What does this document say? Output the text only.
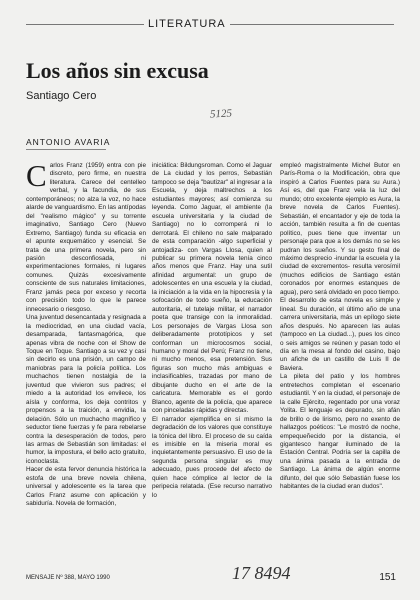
LITERATURA
Los años sin excusa
Santiago Cero
5125
ANTONIO AVARIA
C arlos Franz (1959) entra con pie discreto, pero firme, en nuestra literatura. Carece del centelleo verbal, y la facundia, de sus contemporáneos; no alza la voz, no hace alarde de vanguardismo. En las antípodas del "realismo mágico" y su torrente imaginativo, Santiago Cero (Nuevo Extremo, Santiago) funda su eficacia en el apunte exquemático y esencial. Se trata de una primera novela, pero sin pasión desconfiosada, ni experimentaciones formales, ni lugares comunes. Quizás excesivamente consciente de sus naturales limitaciones, Franz jamás peca por exceso y recorta con precisión todo lo que le parece innecesario o riesgoso.

Una juventud desencantada y resignada a la mediocridad, en una ciudad vacía, desamparada, fantasmagórica, que apenas vibra de noche con el Show de Toque en Toque. Santiago a su vez y casi sin decirlo es una prisión, un campo de maniobras para la policía política. Los muchachos tienen nostalgia de la juventud que vivieron sus padres; el miedo a la autoridad los envilece, los aísla y conforma, los deja contritos y propensos a la traición, a envidia, la delación. Sólo un muchacho magnífico y seductor tiene fuerzas y fe para rebelarse contra la desesperación de todos, pero las armas de Sebastián son limitadas: el humor, la impostura, el bello acto gratuito, iconoclasta.

Hacer de esta fervor denuncia histórica la estofa de una breve novela chilena, universal y adolescente es la tarea que Carlos Franz asume con aplicación y sabiduría. Novela de formación,

iniciática: Bildungsroman. Como el Jaguar de La ciudad y los perros, Sebastián tampoco se deja "bautizar" al ingresar a la Escuela, y deja maltrechos a los estudiantes mayores; así comienza su leyenda. Como Jaguar, el ambiente (la escuela universitaria y la ciudad de Santiago) no lo corromperá ni lo derrotará. El chileno no sale malparado de esta comparación -algo superficial y antojadiza- con Vargas Llosa, quien al publicar su primera novela tenía cinco años menos que Franz. Hay una sutil afinidad argumental: un grupo de adolescentes en una escuela y la ciudad, la iniciación a la vida en la hipocresía y la sofocación de todo sueño, la educación autoritaria, el tutelaje militar, el narrador poeta que transige con la inmoralidad. Los personajes de Vargas Llosa son deliberadamente prototípicos y set conforman un microcosmos social, humano y moral del Perú; Franz no tiene, ni mucho menos, esa pretensión. Sus figuras son mucho más ambiguas e inclasificables, trazadas por mano de dibujante ducho en el arte de la caricatura. Memorable es el gordo Blanco, agente de la policía, que aparece con pinceladas rápidas y directas.

El narrador ejemplifica en sí mismo la degradación de los valores que constituye la tónica del libro. El proceso de su caída es imisible en la miseria moral es inquietantemente persuasivo. El uso de la segunda persona singular es muy adecuado, pues procede del afecto de quien hace cómplice al lector de la peripecia relatada. (Ese recurso narrativo lo

empleó magistralmente Michel Butor en París-Roma o la Modificación, obra que inspiró a Carlos Fuentes para su Aura.) Así es, del que Franz vela la luz del mundo; otro excelente ejemplo es Aura, la breve novela de Carlos Fuentes). Sebastián, el encantador y eje de toda la acción, también resulta a fin de cuentas político, pues tiene que inventar un personaje para que a los demás no se les pudran los sueños. Y su gesto final de máximo desprecio -inundar la escuela y la ciudad de excrementos- resulta verosímil (muchos edificios de Santiago están coronados por enormes estanques de agua), pero será olvidado en poco tiempo.

El desarrollo de esta novela es simple y lineal. Su duración, el último año de una carrera universitaria, más un epílogo siete años después. No aparecen las aulas (tampoco en La ciudad...), pues los cinco o seis amigos se reúnen y pasan todo el día en la mesa al fondo del casino, bajo un afiche de un castillo de Luis II de Baviera.

La pileta del patio y los hombres entretechos completan el escenario estudiantil. Y en la ciudad, el personaje de la calle Ejército, regentado por una voraz Yolita. El lenguaje es depurado, sin afán de brillo o de lirismo, pero no exento de hallazgos poéticos: "Le mostró de noche, empequeñecido por la distancia, el gigantesco hangar iluminado de la Estación Central. Podría ser la capilla de una ánima pasada a la entrada de Santiago. La ánima de algún enorme difunto, del que sólo Sebastián fuese los habitantes de la ciudad eran dudos".

MENSAJE Nº 388, MAYO 1990	17 8494	151
